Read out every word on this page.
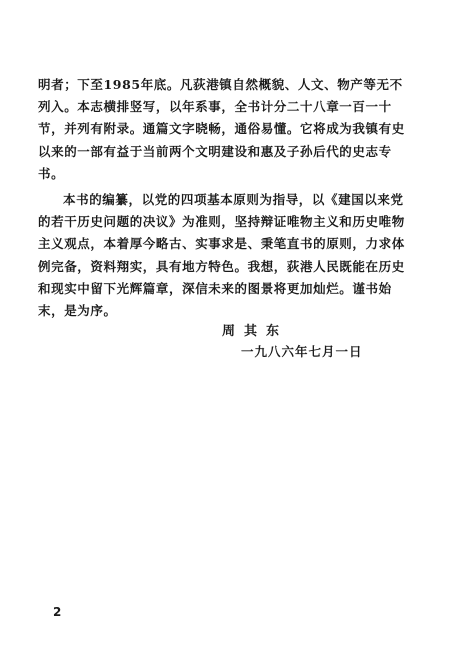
明者；下至1985年底。凡荻港镇自然概貌、人文、物产等无不列入。本志横排竖写，以年系事，全书计分二十八章一百一十节，并列有附录。通篇文字晓畅，通俗易懂。它将成为我镇有史以来的一部有益于当前两个文明建设和惠及子孙后代的史志专书。

本书的编纂，以党的四项基本原则为指导，以《建国以来党的若干历史问题的决议》为准则，坚持辩证唯物主义和历史唯物主义观点，本着厚今略古、实事求是、秉笔直书的原则，力求体例完备，资料翔实，具有地方特色。我想，荻港人民既能在历史和现实中留下光辉篇章，深信未来的图景将更加灿烂。谨书始末，是为序。

周其东
一九八六年七月一日
2
